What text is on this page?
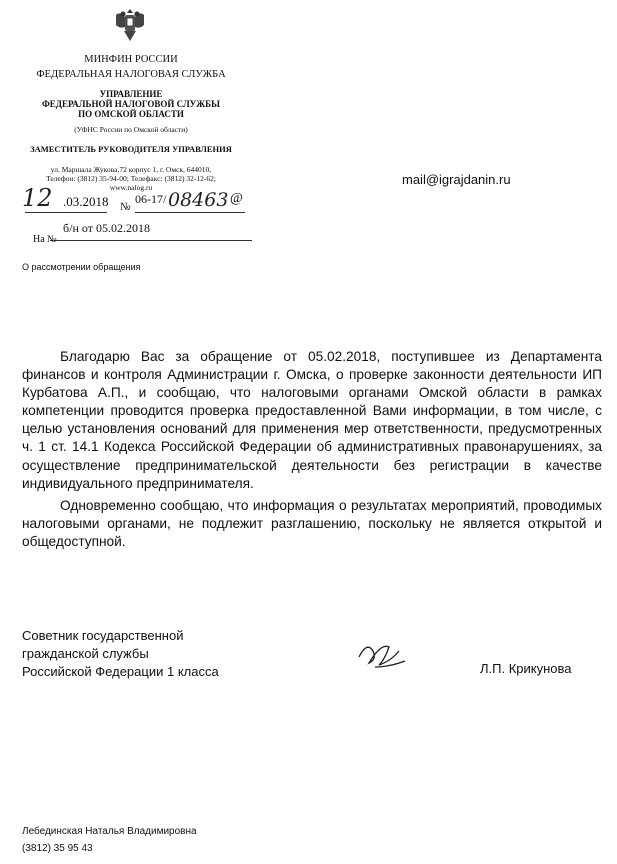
МИНФИН РОССИИ
ФЕДЕРАЛЬНАЯ НАЛОГОВАЯ СЛУЖБА
УПРАВЛЕНИЕ
ФЕДЕРАЛЬНОЙ НАЛОГОВОЙ СЛУЖБЫ
ПО ОМСКОЙ ОБЛАСТИ
(УФНС России по Омской области)
ЗАМЕСТИТЕЛЬ РУКОВОДИТЕЛЯ УПРАВЛЕНИЯ
ул. Маршала Жукова,72 корпус 1, г. Омск, 644010,
Телефон: (3812) 35-94-00; Телефакс: (3812) 32-12-62;
www.nalog.ru
mail@igrajdanin.ru
12 .03.2018 №
06-17/ 08463 @
б/н от 05.02.2018
На №
О рассмотрении обращения
Благодарю Вас за обращение от 05.02.2018, поступившее из Департамента финансов и контроля Администрации г. Омска, о проверке законности деятельности ИП Курбатова А.П., и сообщаю, что налоговыми органами Омской области в рамках компетенции проводится проверка предоставленной Вами информации, в том числе, с целью установления оснований для применения мер ответственности, предусмотренных ч. 1 ст. 14.1 Кодекса Российской Федерации об административных правонарушениях, за осуществление предпринимательской деятельности без регистрации в качестве индивидуального предпринимателя.
Одновременно сообщаю, что информация о результатах мероприятий, проводимых налоговыми органами, не подлежит разглашению, поскольку не является открытой и общедоступной.
Советник государственной
гражданской службы
Российской Федерации 1 класса	Л.П. Крикунова
Лебединская Наталья Владимировна
(3812) 35 95 43
